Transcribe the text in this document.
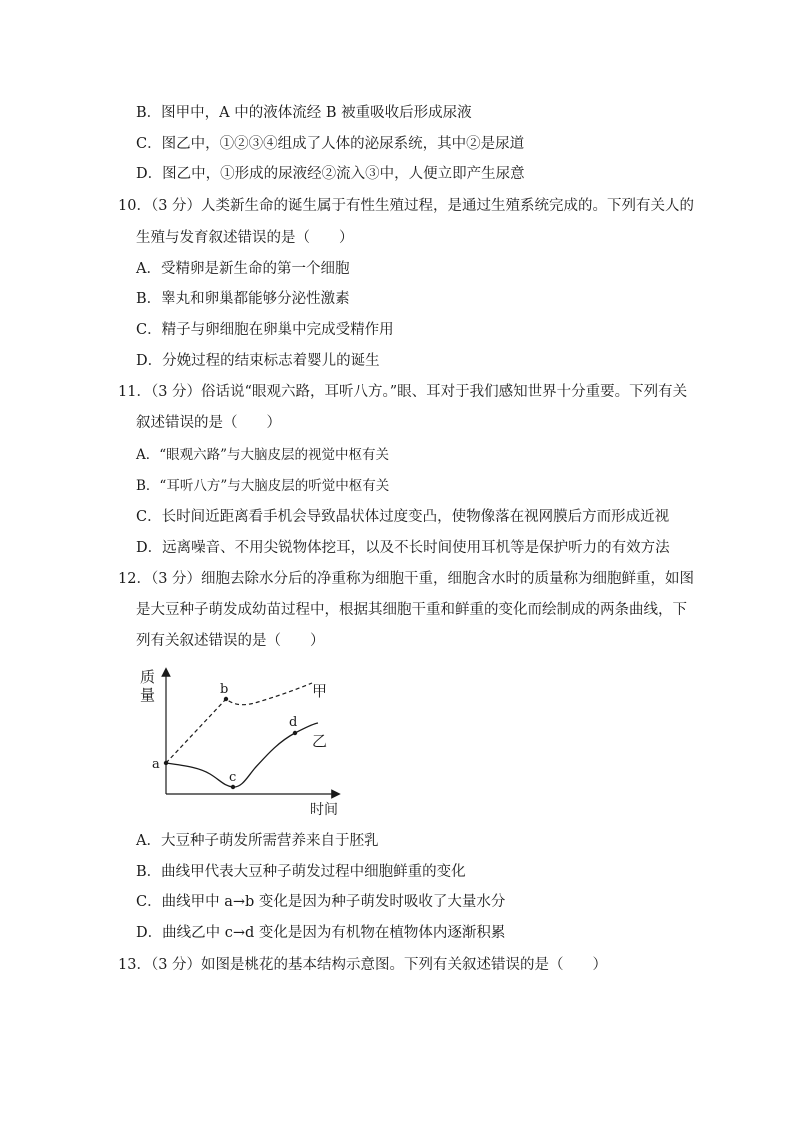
B．图甲中，A 中的液体流经 B 被重吸收后形成尿液
C．图乙中，①②③④组成了人体的泌尿系统，其中②是尿道
D．图乙中，①形成的尿液经②流入③中，人便立即产生尿意
10．（3 分）人类新生命的诞生属于有性生殖过程，是通过生殖系统完成的。下列有关人的
生殖与发育叙述错误的是（　　）
A．受精卵是新生命的第一个细胞
B．睾丸和卵巢都能够分泌性激素
C．精子与卵细胞在卵巢中完成受精作用
D．分娩过程的结束标志着婴儿的诞生
11．（3 分）俗话说“眼观六路，耳听八方。”眼、耳对于我们感知世界十分重要。下列有关
叙述错误的是（　　）
A．“眼观六路”与大脑皮层的视觉中枢有关
B．“耳听八方”与大脑皮层的听觉中枢有关
C．长时间近距离看手机会导致晶状体过度变凸，使物像落在视网膜后方而形成近视
D．远离噪音、不用尖锐物体挖耳，以及不长时间使用耳机等是保护听力的有效方法
12．（3 分）细胞去除水分后的净重称为细胞干重，细胞含水时的质量称为细胞鲜重，如图
是大豆种子萌发成幼苗过程中，根据其细胞干重和鲜重的变化而绘制成的两条曲线，下
列有关叙述错误的是（　　）
质
量
时间
a
b
c
d
甲
乙
A．大豆种子萌发所需营养来自于胚乳
B．曲线甲代表大豆种子萌发过程中细胞鲜重的变化
C．曲线甲中 a→b 变化是因为种子萌发时吸收了大量水分
D．曲线乙中 c→d 变化是因为有机物在植物体内逐渐积累
13．（3 分）如图是桃花的基本结构示意图。下列有关叙述错误的是（　　）
